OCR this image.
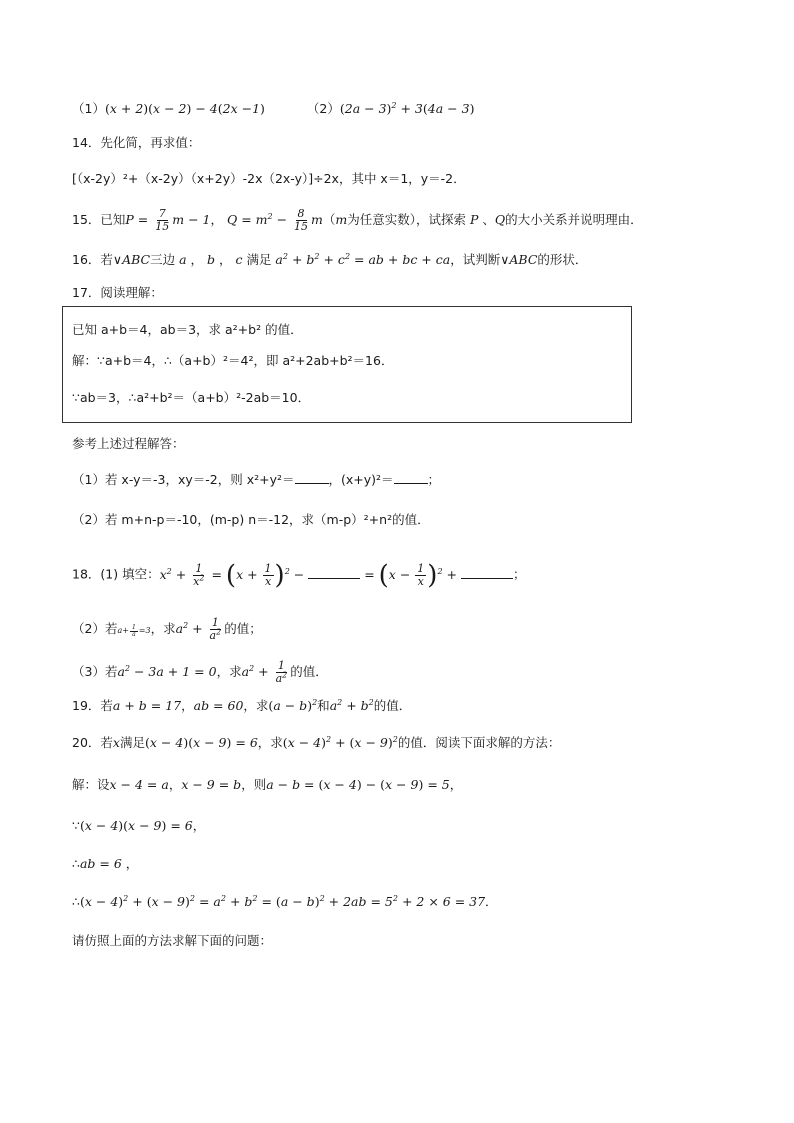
（1）(x + 2)(x − 2) − 4(2x −1)	$(2)(2a - 3)^2 + 3(4a - 3)$
14．先化简，再求值：
[（x-2y）²+（x-2y）（x+2y）-2x（2x-y）]÷2x，其中 x＝1，y＝-2．
15．已知$P = \frac{7}{15}$ m − 1， $Q = m^2 - \frac{8}{15} m(m$为任意实数），试探索 P 、Q的大小关系并说明理由．
16．若∨ABC三边 a ， b ， c 满足 $a^2 + b^2 + c^2$ = ab + bc + ca，试判断∨ABC的形状．
17．阅读理解：
已知 a+b＝4，ab＝3，求 a²+b² 的值．
解：∵a+b＝4，∴（a+b）²＝4²，即 a²+2ab+b²＝16．
∵ab＝3，∴a²+b²＝（a+b）²-2ab＝10．
参考上述过程解答：
（1）若 x-y＝-3，xy＝-2，则 x²+y²＝	，(x+y)²＝	；
（2）若 m+n-p＝-10，(m-p) n＝-12，求（m-p）²+n²的值．
18．(1) 填空：$x^2 + \frac{1}{x^2} = (x + \frac{1}{x} )^2$ −	= $(x - \frac{1}{x} )^2$ +	；
（2）若$a+ \frac{1}{a} =3$，求$a^2 + \frac{1}{a^2}$ 的值；
（3）若$a^2 - 3a + 1 = 0$，求$a^2 + \frac{1}{a^2}$ 的值．
19．若a + b = 17，ab = 60，求$(a - b)^2$和$a^2 + b^2$的值．
20．若x满足(x − 4)(x − 9) = 6，求$(x - 4)^2 + (x - 9)^2$的值．阅读下面求解的方法：
解：设x − 4 = a，x − 9 = b，则a − b = (x − 4) − (x − 9) = 5，
∵(x − 4)(x − 9) = 6，
∴ab = 6 ，
∴(x − $4)^2 + (x - 9)^2 = a^2 + b^2 = (a - b)^2 + 2ab = 5^2 + 2 \times 6 = 37$．
请仿照上面的方法求解下面的问题：
